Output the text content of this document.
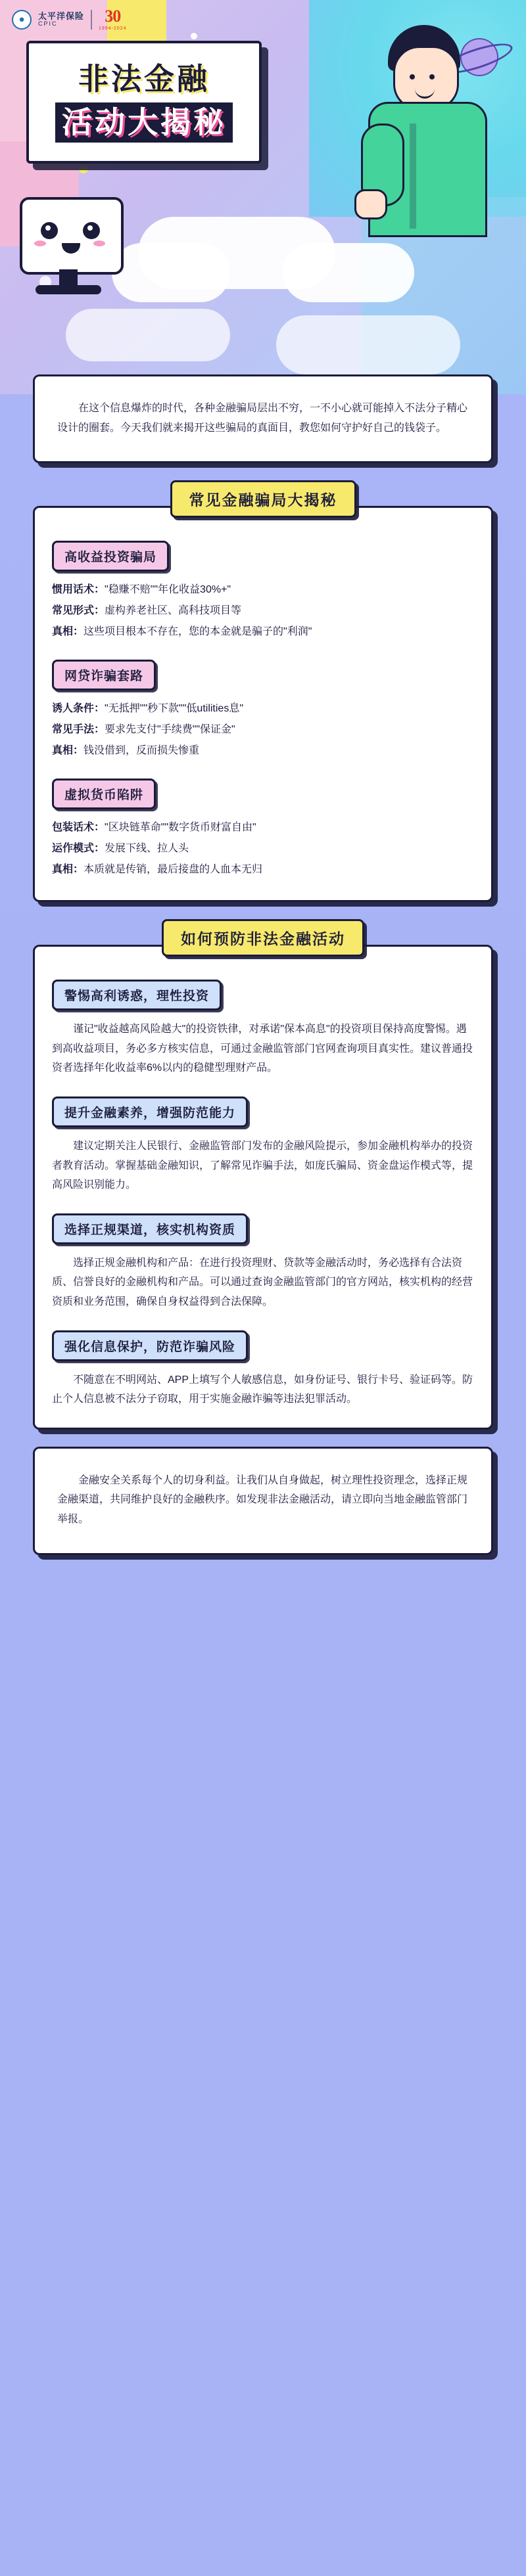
●	太平洋保险
CPIC	30
1994-2024
非法金融
活动大揭秘

在这个信息爆炸的时代，各种金融骗局层出不穷，一不小心就可能掉入不法分子精心设计的圈套。今天我们就来揭开这些骗局的真面目，教您如何守护好自己的钱袋子。

常见金融骗局大揭秘
高收益投资骗局

惯用话术："稳赚不赔""年化收益30%+"

常见形式：虚构养老社区、高科技项目等

真相：这些项目根本不存在，您的本金就是骗子的"利润"

网贷诈骗套路

诱人条件："无抵押""秒下款""低utilities息"

常见手法：要求先支付"手续费""保证金"

真相：钱没借到，反而损失惨重

虚拟货币陷阱

包装话术："区块链革命""数字货币财富自由"

运作模式：发展下线、拉人头

真相：本质就是传销，最后接盘的人血本无归

如何预防非法金融活动
警惕高利诱惑，理性投资

谨记"收益越高风险越大"的投资铁律，对承诺"保本高息"的投资项目保持高度警惕。遇到高收益项目，务必多方核实信息，可通过金融监管部门官网查询项目真实性。建议普通投资者选择年化收益率6%以内的稳健型理财产品。

提升金融素养，增强防范能力

建议定期关注人民银行、金融监管部门发布的金融风险提示，参加金融机构举办的投资者教育活动。掌握基础金融知识，了解常见诈骗手法，如庞氏骗局、资金盘运作模式等，提高风险识别能力。

选择正规渠道，核实机构资质

选择正规金融机构和产品：在进行投资理财、贷款等金融活动时，务必选择有合法资质、信誉良好的金融机构和产品。可以通过查询金融监管部门的官方网站，核实机构的经营资质和业务范围，确保自身权益得到合法保障。

强化信息保护，防范诈骗风险

不随意在不明网站、APP上填写个人敏感信息，如身份证号、银行卡号、验证码等。防止个人信息被不法分子窃取，用于实施金融诈骗等违法犯罪活动。

金融安全关系每个人的切身利益。让我们从自身做起，树立理性投资理念，选择正规金融渠道，共同维护良好的金融秩序。如发现非法金融活动，请立即向当地金融监管部门举报。
